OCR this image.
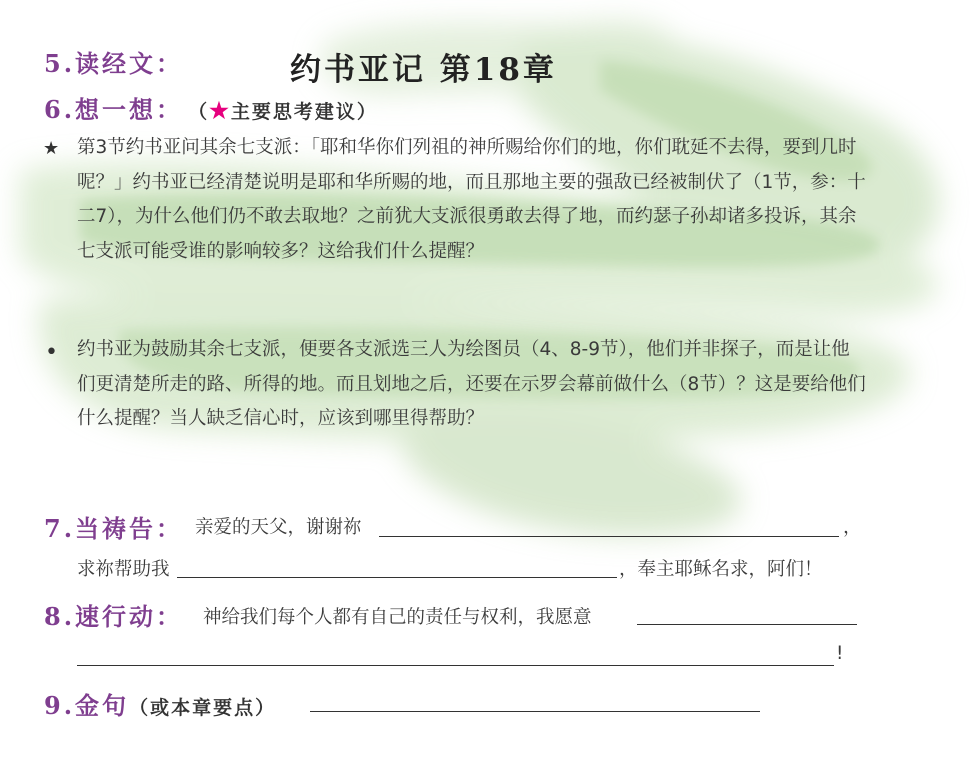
5.读经文：	约书亚记 第18章
6.想一想： （★主要思考建议）
★ 第3节约书亚问其余七支派：「耶和华你们列祖的神所赐给你们的地，你们耽延不去得，要到几时呢？」约书亚已经清楚说明是耶和华所赐的地，而且那地主要的强敌已经被制伏了（1节，参：十二7），为什么他们仍不敢去取地？之前犹大支派很勇敢去得了地，而约瑟子孙却诸多投诉，其余七支派可能受谁的影响较多？这给我们什么提醒？
• 约书亚为鼓励其余七支派，便要各支派选三人为绘图员（4、8-9节），他们并非探子，而是让他们更清楚所走的路、所得的地。而且划地之后，还要在示罗会幕前做什么（8节）？这是要给他们什么提醒？当人缺乏信心时，应该到哪里得帮助？
7.当祷告： 亲爱的天父，谢谢祢	，
求祢帮助我	，奉主耶稣名求，阿们！
8.速行动： 神给我们每个人都有自己的责任与权利，我愿意
!
9.金句（或本章要点）
